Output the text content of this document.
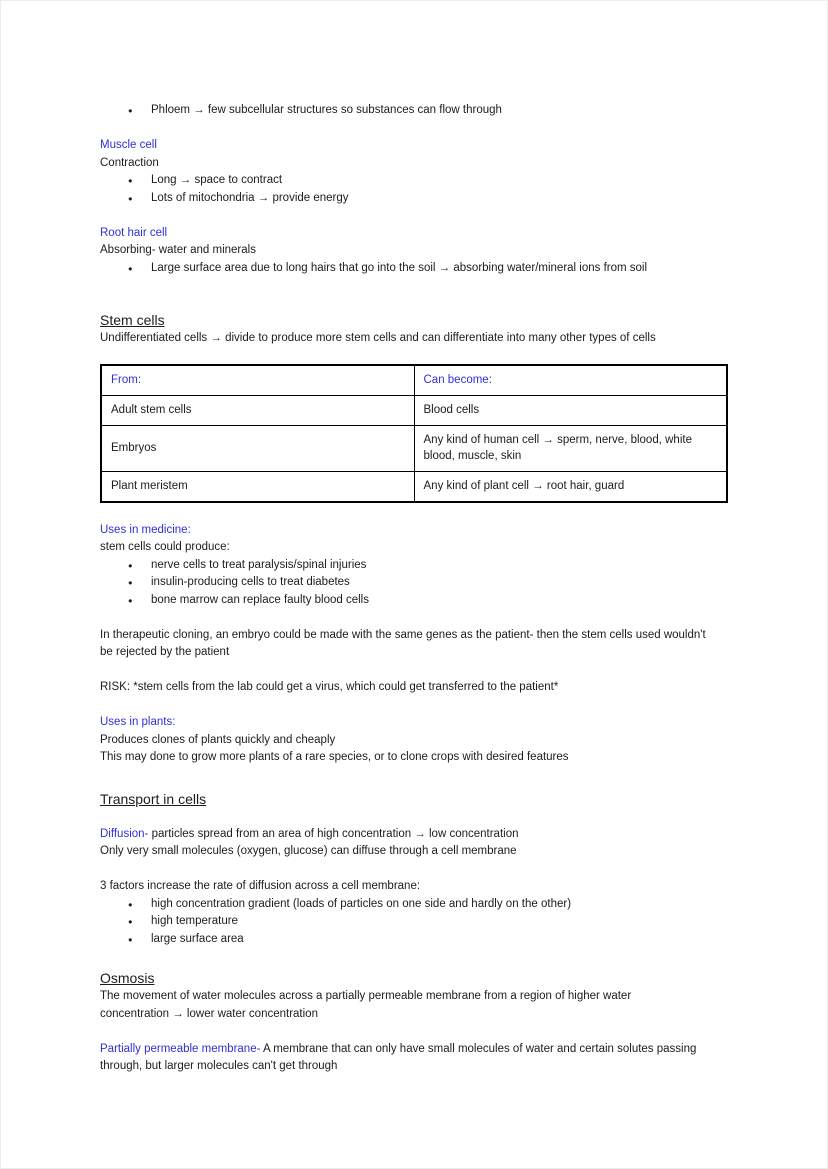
● Phloem → few subcellular structures so substances can flow through

Muscle cell

Contraction

● Long → space to contract
● Lots of mitochondria → provide energy

Root hair cell

Absorbing- water and minerals

● Large surface area due to long hairs that go into the soil → absorbing water/mineral ions from soil

Stem cells

Undifferentiated cells → divide to produce more stem cells and can differentiate into many other types of cells

From:	Can become:
Adult stem cells	Blood cells
Embryos	Any kind of human cell → sperm, nerve, blood, white blood, muscle, skin
Plant meristem	Any kind of plant cell → root hair, guard

Uses in medicine:

stem cells could produce:

● nerve cells to treat paralysis/spinal injuries
● insulin-producing cells to treat diabetes
● bone marrow can replace faulty blood cells

In therapeutic cloning, an embryo could be made with the same genes as the patient- then the stem cells used wouldn't be rejected by the patient

RISK: *stem cells from the lab could get a virus, which could get transferred to the patient*

Uses in plants:

Produces clones of plants quickly and cheaply

This may done to grow more plants of a rare species, or to clone crops with desired features

Transport in cells

Diffusion- particles spread from an area of high concentration → low concentration

Only very small molecules (oxygen, glucose) can diffuse through a cell membrane

3 factors increase the rate of diffusion across a cell membrane:

● high concentration gradient (loads of particles on one side and hardly on the other)
● high temperature
● large surface area

Osmosis

The movement of water molecules across a partially permeable membrane from a region of higher water concentration → lower water concentration

Partially permeable membrane- A membrane that can only have small molecules of water and certain solutes passing through, but larger molecules can't get through
